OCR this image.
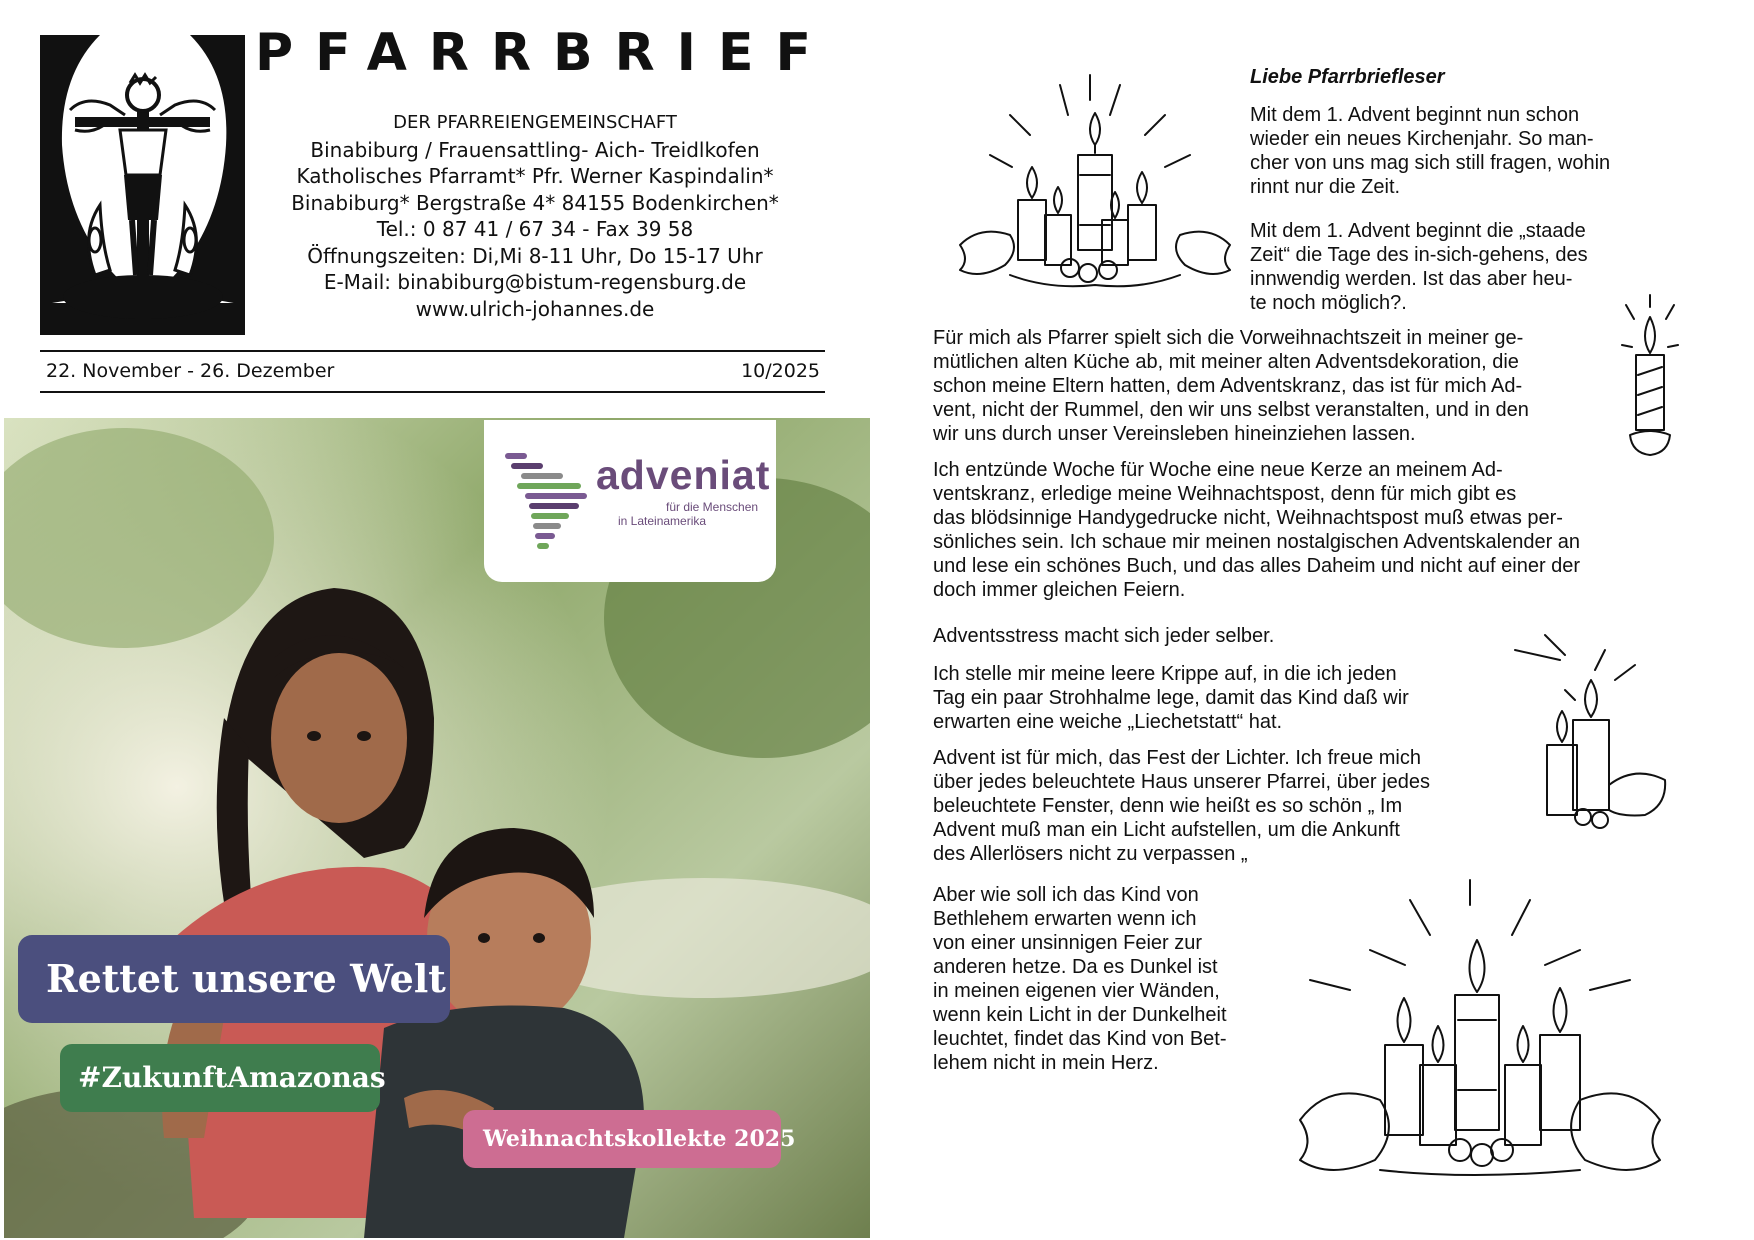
PFARRBRIEF
DER PFARREIENGEMEINSCHAFT
Binabiburg / Frauensattling- Aich- Treidlkofen
Katholisches Pfarramt* Pfr. Werner Kaspindalin*
Binabiburg* Bergstraße 4* 84155 Bodenkirchen*
Tel.: 0 87 41 / 67 34 - Fax 39 58
Öffnungszeiten: Di,Mi 8-11 Uhr, Do 15-17 Uhr
E-Mail: binabiburg@bistum-regensburg.de
www.ulrich-johannes.de
22. November - 26. Dezember	10/2025
adveniat
für die Menschen
in Lateinamerika
Rettet unsere Welt
#ZukunftAmazonas
Weihnachtskollekte 2025
Liebe Pfarrbriefleser
Mit dem 1. Advent beginnt nun schon
wieder ein neues Kirchenjahr. So man-
cher von uns mag sich still fragen, wohin
rinnt nur die Zeit.
Mit dem 1. Advent beginnt die „staade
Zeit“ die Tage des in-sich-gehens, des
innwendig werden. Ist das aber heu-
te noch möglich?.
Für mich als Pfarrer spielt sich die Vorweihnachtszeit in meiner ge-
mütlichen alten Küche ab, mit meiner alten Adventsdekoration, die
schon meine Eltern hatten, dem Adventskranz, das ist für mich Ad-
vent, nicht der Rummel, den wir uns selbst veranstalten, und in den
wir uns durch unser Vereinsleben hineinziehen lassen.
Ich entzünde Woche für Woche eine neue Kerze an meinem Ad-
ventskranz, erledige meine Weihnachtspost, denn für mich gibt es
das blödsinnige Handygedrucke nicht, Weihnachtspost muß etwas per-
sönliches sein. Ich schaue mir meinen nostalgischen Adventskalender an
und lese ein schönes Buch, und das alles Daheim und nicht auf einer der
doch immer gleichen Feiern.
Adventsstress macht sich jeder selber.
Ich stelle mir meine leere Krippe auf, in die ich jeden
Tag ein paar Strohhalme lege, damit das Kind daß wir
erwarten eine weiche „Liechetstatt“ hat.
Advent ist für mich, das Fest der Lichter. Ich freue mich
über jedes beleuchtete Haus unserer Pfarrei, über jedes
beleuchtete Fenster, denn wie heißt es so schön „ Im
Advent muß man ein Licht aufstellen, um die Ankunft
des Allerlösers nicht zu verpassen „
Aber wie soll ich das Kind von
Bethlehem erwarten wenn ich
von einer unsinnigen Feier zur
anderen hetze. Da es Dunkel ist
in meinen eigenen vier Wänden,
wenn kein Licht in der Dunkelheit
leuchtet, findet das Kind von Bet-
lehem nicht in mein Herz.
